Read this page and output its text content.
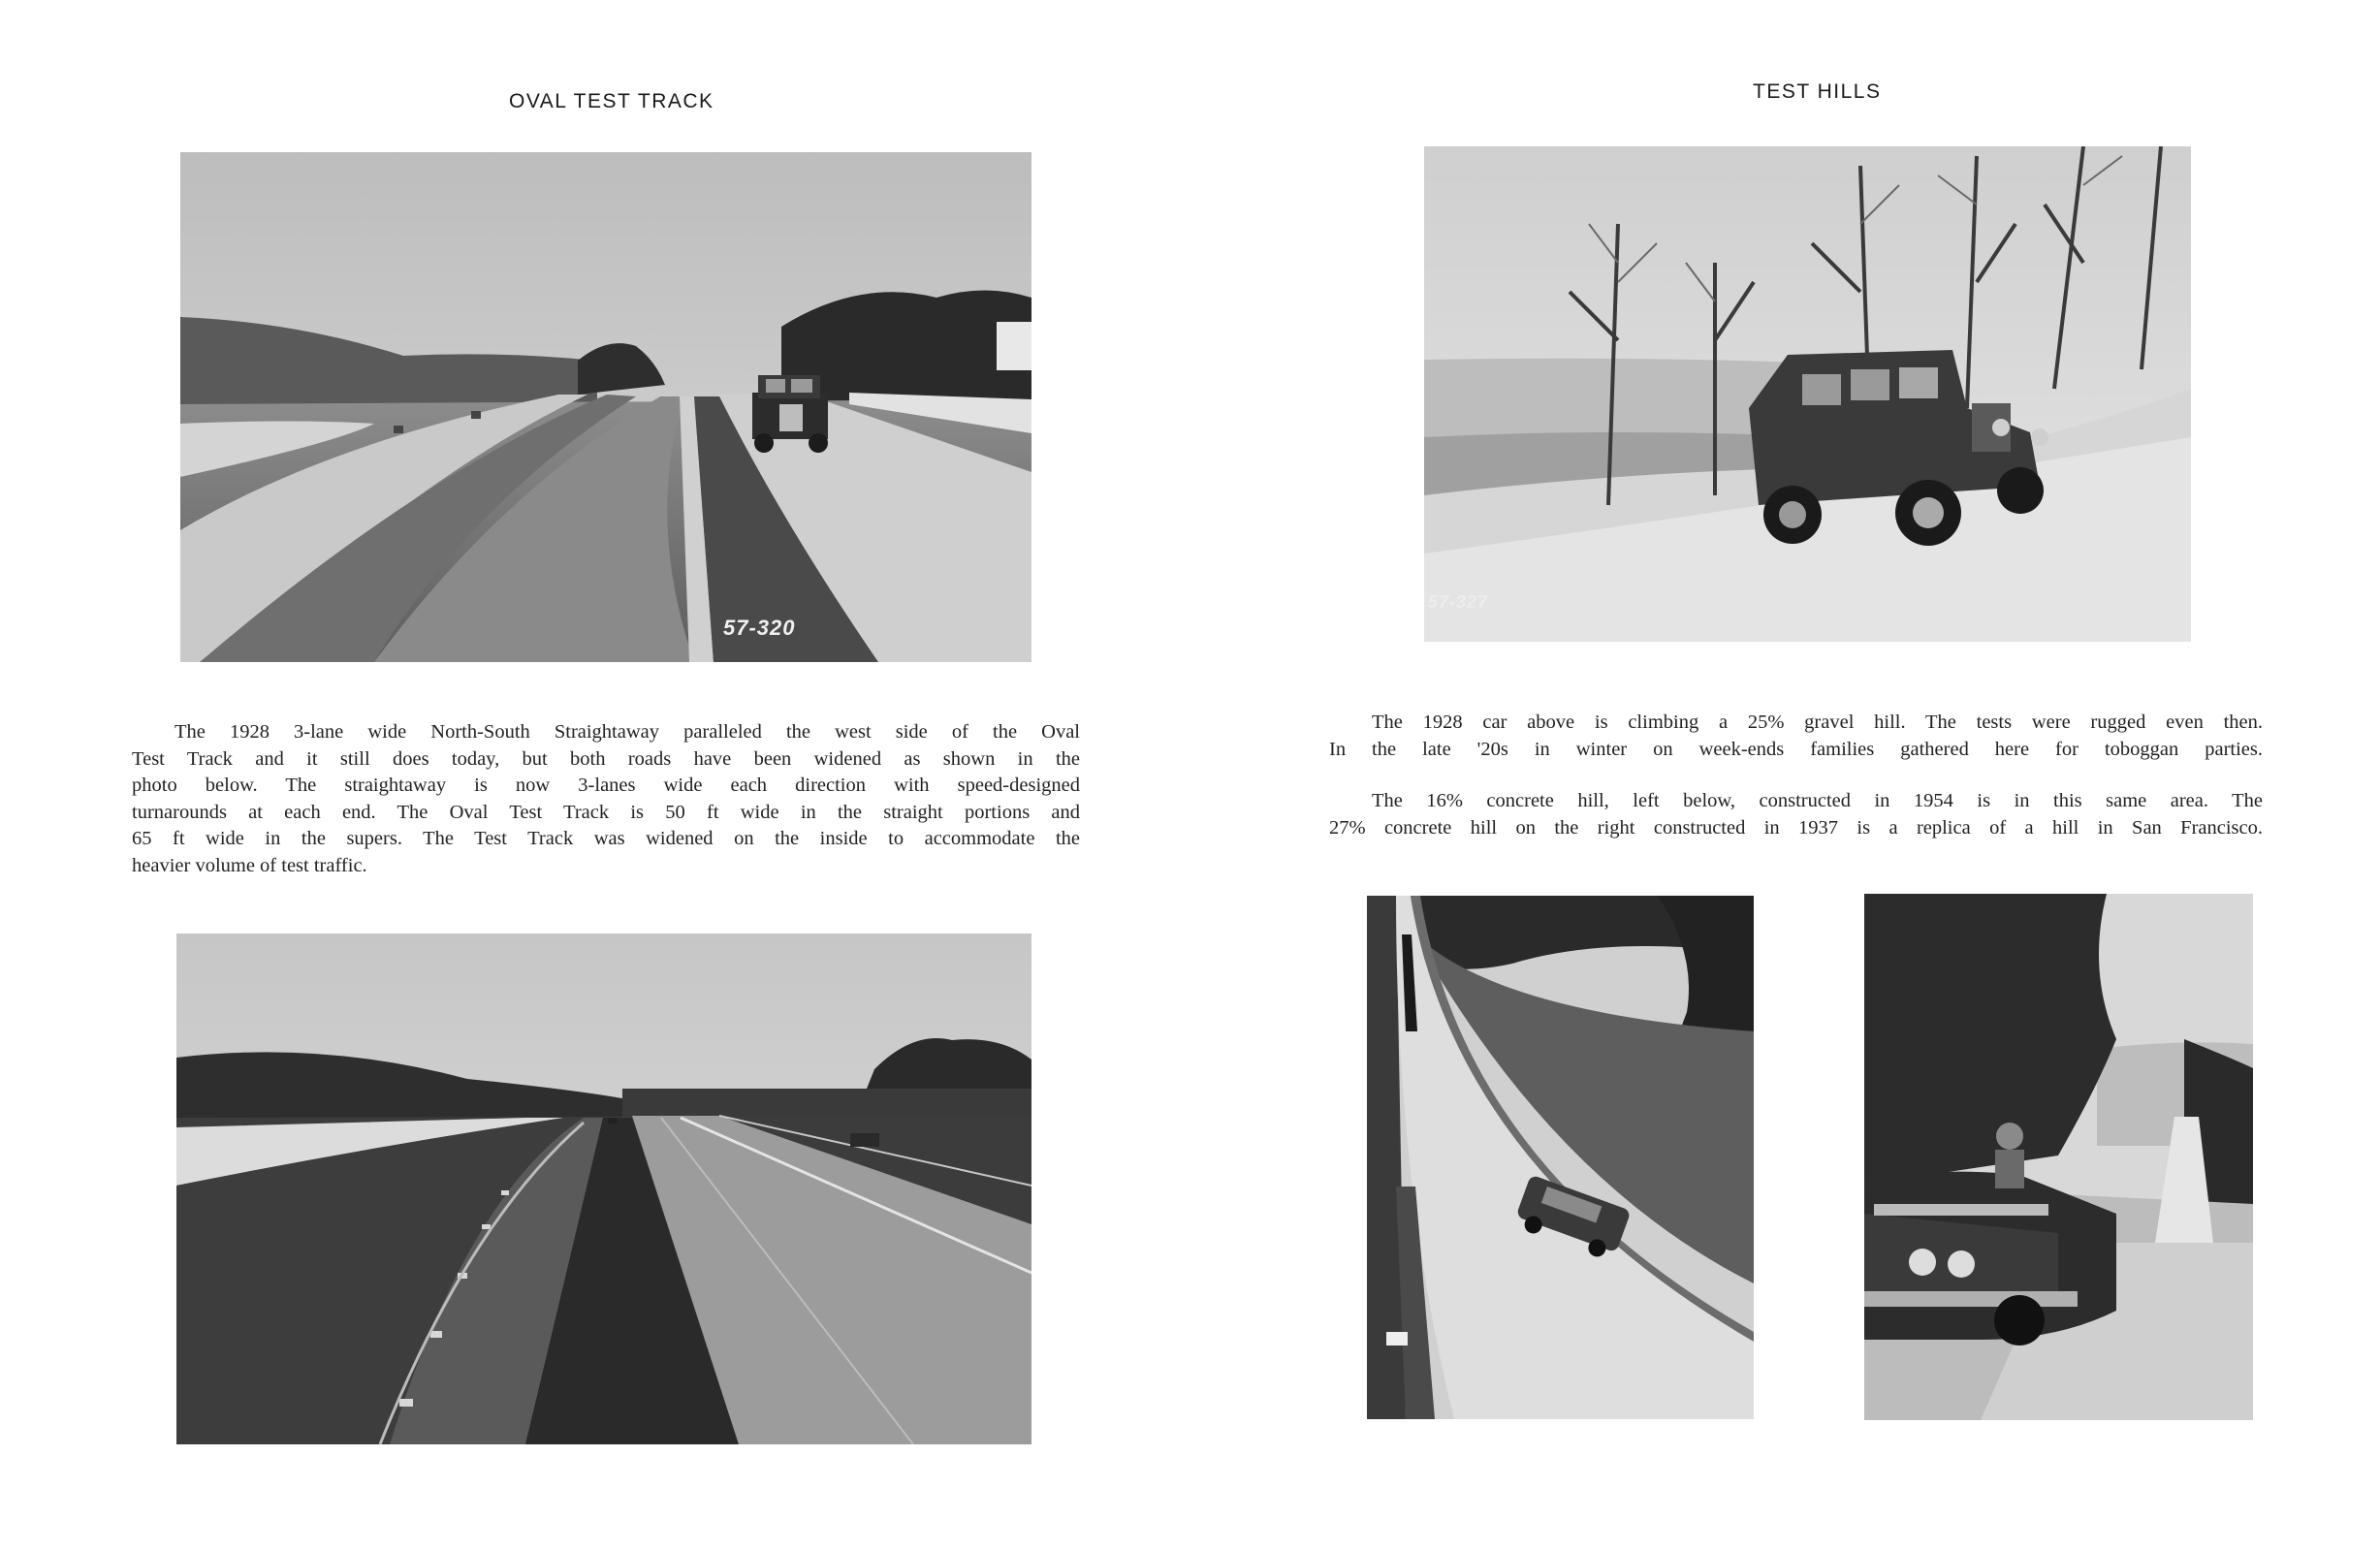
OVAL TEST TRACK
57-320
The 1928 3-lane wide North-South Straightaway paralleled the west side of the Oval
Test Track and it still does today, but both roads have been widened as shown in the
photo below. The straightaway is now 3-lanes wide each direction with speed-designed
turnarounds at each end. The Oval Test Track is 50 ft wide in the straight portions and
65 ft wide in the supers. The Test Track was widened on the inside to accommodate the
heavier volume of test traffic.
TEST HILLS
57-327
The 1928 car above is climbing a 25% gravel hill. The tests were rugged even then.
In the late '20s in winter on week-ends families gathered here for toboggan parties.
The 16% concrete hill, left below, constructed in 1954 is in this same area. The
27% concrete hill on the right constructed in 1937 is a replica of a hill in San Francisco.
